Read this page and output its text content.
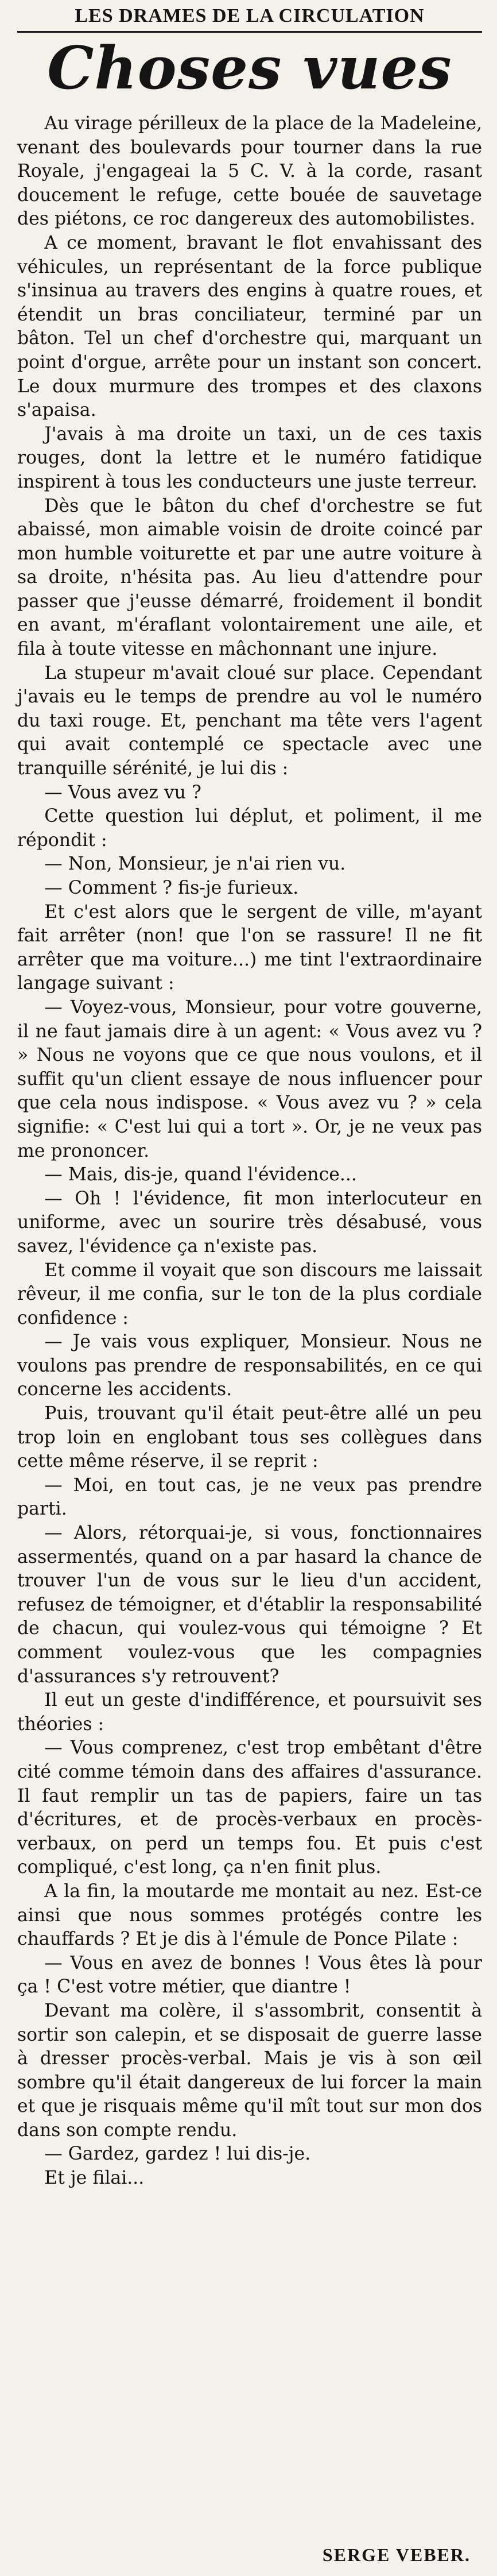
LES DRAMES DE LA CIRCULATION
Choses vues

Au virage périlleux de la place de la Madeleine, venant des boulevards pour tourner dans la rue Royale, j'engageai la 5 C. V. à la corde, rasant doucement le refuge, cette bouée de sauvetage des piétons, ce roc dangereux des automobilistes.

A ce moment, bravant le flot envahissant des véhicules, un représentant de la force publique s'insinua au travers des engins à quatre roues, et étendit un bras conciliateur, terminé par un bâton. Tel un chef d'orchestre qui, marquant un point d'orgue, arrête pour un instant son concert. Le doux murmure des trompes et des claxons s'apaisa.

J'avais à ma droite un taxi, un de ces taxis rouges, dont la lettre et le numéro fatidique inspirent à tous les conducteurs une juste terreur.

Dès que le bâton du chef d'orchestre se fut abaissé, mon aimable voisin de droite coincé par mon humble voiturette et par une autre voiture à sa droite, n'hésita pas. Au lieu d'attendre pour passer que j'eusse démarré, froidement il bondit en avant, m'éraflant volontairement une aile, et fila à toute vitesse en mâchonnant une injure.

La stupeur m'avait cloué sur place. Cependant j'avais eu le temps de prendre au vol le numéro du taxi rouge. Et, penchant ma tête vers l'agent qui avait contemplé ce spectacle avec une tranquille sérénité, je lui dis :

— Vous avez vu ?

Cette question lui déplut, et poliment, il me répondit :

— Non, Monsieur, je n'ai rien vu.

— Comment ? fis-je furieux.

Et c'est alors que le sergent de ville, m'ayant fait arrêter (non! que l'on se rassure! Il ne fit arrêter que ma voiture...) me tint l'extraordinaire langage suivant :

— Voyez-vous, Monsieur, pour votre gouverne, il ne faut jamais dire à un agent: « Vous avez vu ? » Nous ne voyons que ce que nous voulons, et il suffit qu'un client essaye de nous influencer pour que cela nous indispose. « Vous avez vu ? » cela signifie: « C'est lui qui a tort ». Or, je ne veux pas me prononcer.

— Mais, dis-je, quand l'évidence...

— Oh ! l'évidence, fit mon interlocuteur en uniforme, avec un sourire très désabusé, vous savez, l'évidence ça n'existe pas.

Et comme il voyait que son discours me laissait rêveur, il me confia, sur le ton de la plus cordiale confidence :

— Je vais vous expliquer, Monsieur. Nous ne voulons pas prendre de responsabilités, en ce qui concerne les accidents.

Puis, trouvant qu'il était peut-être allé un peu trop loin en englobant tous ses collègues dans cette même réserve, il se reprit :

— Moi, en tout cas, je ne veux pas prendre parti.

— Alors, rétorquai-je, si vous, fonctionnaires assermentés, quand on a par hasard la chance de trouver l'un de vous sur le lieu d'un accident, refusez de témoigner, et d'établir la responsabilité de chacun, qui voulez-vous qui témoigne ? Et comment voulez-vous que les compagnies d'assurances s'y retrouvent?

Il eut un geste d'indifférence, et poursuivit ses théories :

— Vous comprenez, c'est trop embêtant d'être cité comme témoin dans des affaires d'assurance. Il faut remplir un tas de papiers, faire un tas d'écritures, et de procès-verbaux en procès-verbaux, on perd un temps fou. Et puis c'est compliqué, c'est long, ça n'en finit plus.

A la fin, la moutarde me montait au nez. Est-ce ainsi que nous sommes protégés contre les chauffards ? Et je dis à l'émule de Ponce Pilate :

— Vous en avez de bonnes ! Vous êtes là pour ça ! C'est votre métier, que diantre !

Devant ma colère, il s'assombrit, consentit à sortir son calepin, et se disposait de guerre lasse à dresser procès-verbal. Mais je vis à son œil sombre qu'il était dangereux de lui forcer la main et que je risquais même qu'il mît tout sur mon dos dans son compte rendu.

— Gardez, gardez ! lui dis-je.

Et je filai...

SERGE VEBER.
